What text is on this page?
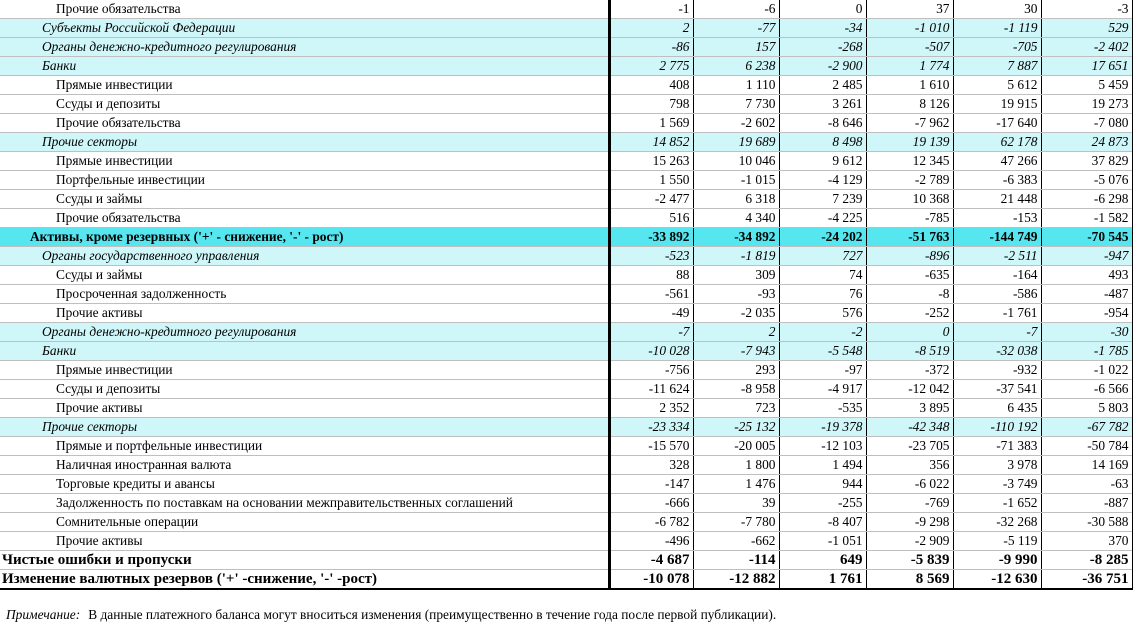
Прочие обязательства	-1	-6	0	37	30	-3
Субъекты Российской Федерации	2	-77	-34	-1 010	-1 119	529
Органы денежно-кредитного регулирования	-86	157	-268	-507	-705	-2 402
Банки	2 775	6 238	-2 900	1 774	7 887	17 651
Прямые инвестиции	408	1 110	2 485	1 610	5 612	5 459
Ссуды и депозиты	798	7 730	3 261	8 126	19 915	19 273
Прочие обязательства	1 569	-2 602	-8 646	-7 962	-17 640	-7 080
Прочие секторы	14 852	19 689	8 498	19 139	62 178	24 873
Прямые инвестиции	15 263	10 046	9 612	12 345	47 266	37 829
Портфельные инвестиции	1 550	-1 015	-4 129	-2 789	-6 383	-5 076
Ссуды и займы	-2 477	6 318	7 239	10 368	21 448	-6 298
Прочие обязательства	516	4 340	-4 225	-785	-153	-1 582
Активы, кроме резервных ('+' - снижение, '-' - рост)	-33 892	-34 892	-24 202	-51 763	-144 749	-70 545
Органы государственного управления	-523	-1 819	727	-896	-2 511	-947
Ссуды и займы	88	309	74	-635	-164	493
Просроченная задолженность	-561	-93	76	-8	-586	-487
Прочие активы	-49	-2 035	576	-252	-1 761	-954
Органы денежно-кредитного регулирования	-7	2	-2	0	-7	-30
Банки	-10 028	-7 943	-5 548	-8 519	-32 038	-1 785
Прямые инвестиции	-756	293	-97	-372	-932	-1 022
Ссуды и депозиты	-11 624	-8 958	-4 917	-12 042	-37 541	-6 566
Прочие активы	2 352	723	-535	3 895	6 435	5 803
Прочие секторы	-23 334	-25 132	-19 378	-42 348	-110 192	-67 782
Прямые и портфельные инвестиции	-15 570	-20 005	-12 103	-23 705	-71 383	-50 784
Наличная иностранная валюта	328	1 800	1 494	356	3 978	14 169
Торговые кредиты и авансы	-147	1 476	944	-6 022	-3 749	-63
Задолженность по поставкам на основании межправительственных соглашений	-666	39	-255	-769	-1 652	-887
Сомнительные операции	-6 782	-7 780	-8 407	-9 298	-32 268	-30 588
Прочие активы	-496	-662	-1 051	-2 909	-5 119	370
Чистые ошибки и пропуски	-4 687	-114	649	-5 839	-9 990	-8 285
Изменение валютных резервов ('+' -снижение, '-' -рост)	-10 078	-12 882	1 761	8 569	-12 630	-36 751
Примечание: В данные платежного баланса могут вноситься изменения (преимущественно в течение года после первой публикации).
